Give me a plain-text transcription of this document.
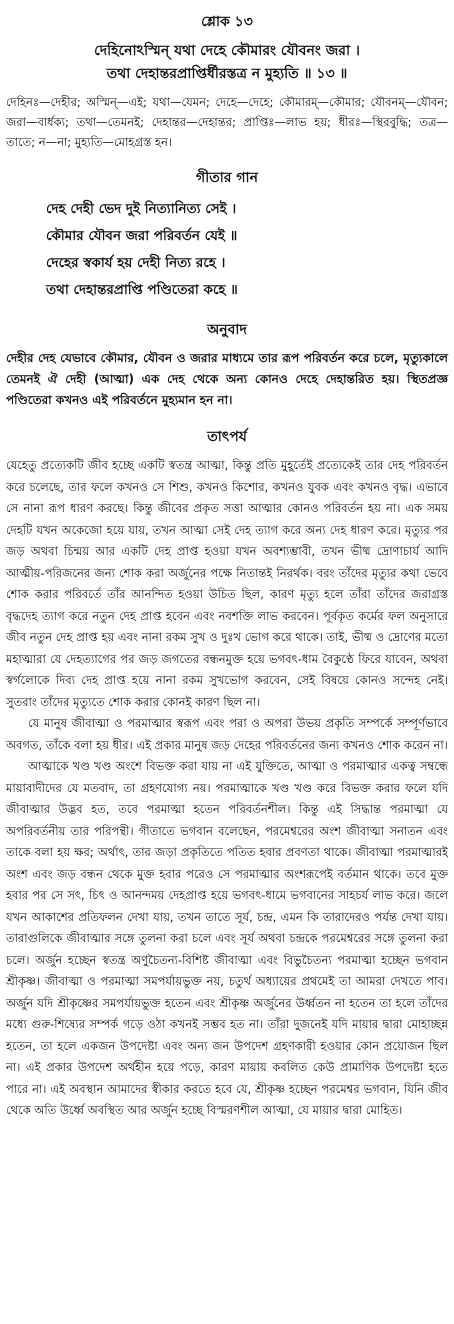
শ্লোক ১৩
দেহিনোঽস্মিন্ যথা দেহে কৌমারং যৌবনং জরা ।
তথা দেহান্তরপ্রাপ্তির্ধীরস্তত্র ন মুহ্যতি ॥ ১৩ ॥
দেহিনঃ—দেহীর; অস্মিন্—এই; যথা—যেমন; দেহে—দেহে; কৌমারম্—কৌমার; যৌবনম্—যৌবন; জরা—বার্ধক্য; তথা—তেমনই; দেহান্তর—দেহান্তর; প্রাপ্তিঃ—লাভ হয়; ধীরঃ—স্থিরবুদ্ধি; তত্র—তাতে; ন—না; মুহ্যতি—মোহগ্রস্ত হন।
গীতার গান
দেহ দেহী ভেদ দুই নিত্যানিত্য সেই ।
কৌমার যৌবন জরা পরিবর্তন যেই ॥
দেহের স্বকার্য হয় দেহী নিত্য রহে ।
তথা দেহান্তরপ্রাপ্তি পণ্ডিতেরা কহে ॥
অনুবাদ

দেহীর দেহ যেভাবে কৌমার, যৌবন ও জরার মাধ্যমে তার রূপ পরিবর্তন করে চলে, মৃত্যুকালে তেমনই ঐ দেহী (আত্মা) এক দেহ থেকে অন্য কোনও দেহে দেহান্তরিত হয়। স্থিতপ্রজ্ঞ পণ্ডিতেরা কখনও এই পরিবর্তনে মুহ্যমান হন না।

তাৎপর্য

যেহেতু প্রত্যেকটি জীব হচ্ছে একটি স্বতন্ত্র আত্মা, কিন্তু প্রতি মুহূর্তেই প্রত্যেকেই তার দেহ পরিবর্তন করে চলেছে, তার ফলে কখনও সে শিশু, কখনও কিশোর, কখনও যুবক এবং কখনও বৃদ্ধ। এভাবে সে নানা রূপ ধারণ করছে। কিন্তু জীবের প্রকৃত সত্তা আত্মার কোনও পরিবর্তন হয় না। এক সময় দেহটি যখন অকেজো হয়ে যায়, তখন আত্মা সেই দেহ ত্যাগ করে অন্য দেহ ধারণ করে। মৃত্যুর পর জড় অথবা চিন্ময় আর একটি দেহ প্রাপ্ত হওয়া যখন অবশ্যম্ভাবী, তখন ভীষ্ম দ্রোণাচার্য আদি আত্মীয়-পরিজনের জন্য শোক করা অর্জুনের পক্ষে নিতান্তই নিরর্থক। বরং তাঁদের মৃত্যুর কথা ভেবে শোক করার পরিবর্তে তাঁর আনন্দিত হওয়া উচিত ছিল, কারণ মৃত্যু হলে তাঁরা তাঁদের জরাগ্রস্ত বৃদ্ধদেহ ত্যাগ করে নতুন দেহ প্রাপ্ত হবেন এবং নবশক্তি লাভ করবেন। পূর্বকৃত কর্মের ফল অনুসারে জীব নতুন দেহ প্রাপ্ত হয় এবং নানা রকম সুখ ও দুঃখ ভোগ করে থাকে। তাই, ভীষ্ম ও দ্রোণের মতো মহাত্মারা যে দেহত্যাগের পর জড় জগতের বন্ধনমুক্ত হয়ে ভগবৎ-ধাম বৈকুণ্ঠে ফিরে যাবেন, অথবা স্বর্গলোকে দিব্য দেহ প্রাপ্ত হয়ে নানা রকম সুখভোগ করবেন, সেই বিষয়ে কোনও সন্দেহ নেই। সুতরাং তাঁদের মৃত্যুতে শোক করার কোনই কারণ ছিল না।

যে মানুষ জীবাত্মা ও পরমাত্মার স্বরূপ এবং পরা ও অপরা উভয় প্রকৃতি সম্পর্কে সম্পূর্ণভাবে অবগত, তাঁকে বলা হয় ধীর। এই প্রকার মানুষ জড় দেহের পরিবর্তনের জন্য কখনও শোক করেন না।

আত্মাকে খণ্ড খণ্ড অংশে বিভক্ত করা যায় না এই যুক্তিতে, আত্মা ও পরমাত্মার একত্ব সম্বন্ধে মায়াবাদীদের যে মতবাদ, তা গ্রহণযোগ্য নয়। পরমাত্মাকে খণ্ড খণ্ড করে বিভক্ত করার ফলে যদি জীবাত্মার উদ্ভব হত, তবে পরমাত্মা হতেন পরিবর্তনশীল। কিন্তু এই সিদ্ধান্ত পরমাত্মা যে অপরিবর্তনীয় তার পরিপন্থী। গীতাতে ভগবান বলেছেন, পরমেশ্বরের অংশ জীবাত্মা সনাতন এবং তাকে বলা হয় ক্ষর; অর্থাৎ, তার জড়া প্রকৃতিতে পতিত হবার প্রবণতা থাকে। জীবাত্মা পরমাত্মারই অংশ এবং জড় বন্ধন থেকে মুক্ত হবার পরেও সে পরমাত্মার অংশরূপেই বর্তমান থাকে। তবে মুক্ত হবার পর সে সৎ, চিৎ ও আনন্দময় দেহপ্রাপ্ত হয়ে ভগবৎ-ধামে ভগবানের সাহচর্য লাভ করে। জলে যখন আকাশের প্রতিফলন দেখা যায়, তখন তাতে সূর্য, চন্দ্র, এমন কি তারাদেরও পর্যন্ত দেখা যায়। তারাগুলিকে জীবাত্মার সঙ্গে তুলনা করা চলে এবং সূর্য অথবা চন্দ্রকে পরমেশ্বরের সঙ্গে তুলনা করা চলে। অর্জুন হচ্ছেন স্বতন্ত্র অণুচৈতন্য-বিশিষ্ট জীবাত্মা এবং বিভুচৈতন্য পরমাত্মা হচ্ছেন ভগবান শ্রীকৃষ্ণ। জীবাত্মা ও পরমাত্মা সমপর্যায়ভুক্ত নয়, চতুর্থ অধ্যায়ের প্রথমেই তা আমরা দেখতে পাব। অর্জুন যদি শ্রীকৃষ্ণের সমপর্যায়ভুক্ত হতেন এবং শ্রীকৃষ্ণ অর্জুনের উর্ধ্বতন না হতেন তা হলে তাঁদের মধ্যে গুরু-শিষ্যের সম্পর্ক গড়ে ওঠা কখনই সম্ভব হত না। তাঁরা দুজনেই যদি মায়ার দ্বারা মোহাচ্ছন্ন হতেন, তা হলে একজন উপদেষ্টা এবং অন্য জন উপদেশ গ্রহণকারী হওয়ার কোন প্রয়োজন ছিল না। এই প্রকার উপদেশ অর্থহীন হয়ে পড়ে, কারণ মায়ায় কবলিত কেউ প্রামাণিক উপদেষ্টা হতে পারে না। এই অবস্থান আমাদের স্বীকার করতে হবে যে, শ্রীকৃষ্ণ হচ্ছেন পরমেশ্বর ভগবান, যিনি জীব থেকে অতি উর্ধ্বে অবস্থিত আর অর্জুন হচ্ছে বিস্মরণশীল আত্মা, যে মায়ার দ্বারা মোহিত।
